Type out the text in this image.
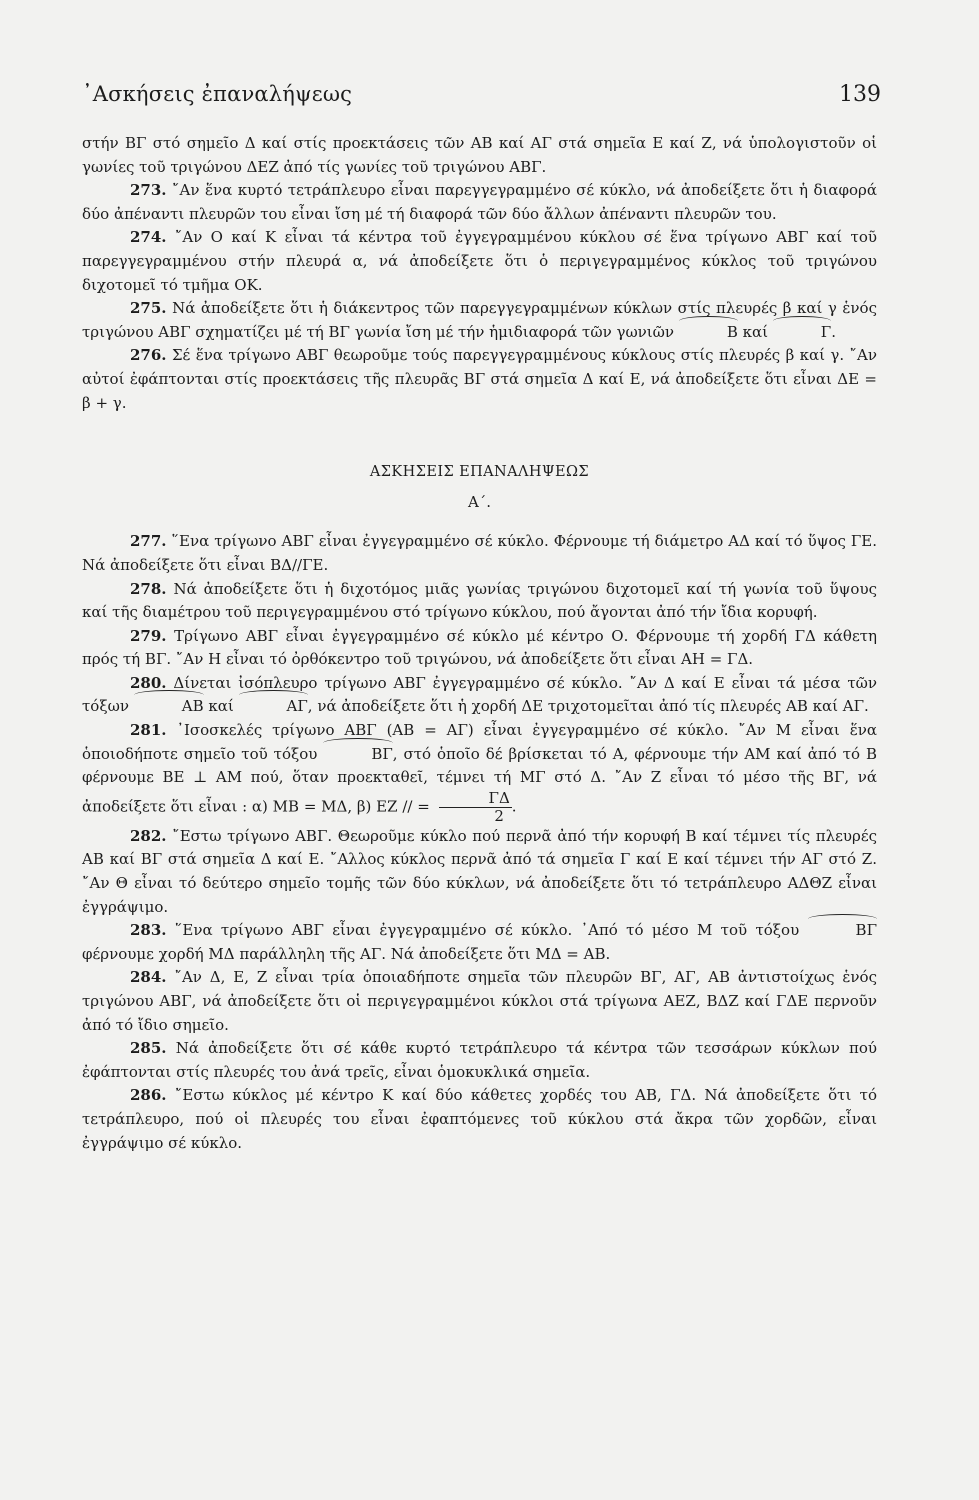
᾿Ασκήσεις ἐπαναλήψεως	139

στήν ΒΓ στό σημεῖο Δ καί στίς προεκτάσεις τῶν ΑΒ καί ΑΓ στά σημεῖα Ε καί Ζ, νά ὑπολογιστοῦν οἱ γωνίες τοῦ τριγώνου ΔΕΖ ἀπό τίς γωνίες τοῦ τριγώνου ΑΒΓ.

273. ῎Αν ἕνα κυρτό τετράπλευρο εἶναι παρεγγεγραμμένο σέ κύκλο, νά ἀποδείξετε ὅτι ἡ διαφορά δύο ἀπέναντι πλευρῶν του εἶναι ἴση μέ τή διαφορά τῶν δύο ἄλλων ἀπέναντι πλευρῶν του.

274. ῎Αν Ο καί Κ εἶναι τά κέντρα τοῦ ἐγγεγραμμένου κύκλου σέ ἕνα τρίγωνο ΑΒΓ καί τοῦ παρεγγεγραμμένου στήν πλευρά α, νά ἀποδείξετε ὅτι ὁ περιγεγραμμένος κύκλος τοῦ τριγώνου διχοτομεῖ τό τμῆμα ΟΚ.

275. Νά ἀποδείξετε ὅτι ἡ διάκεντρος τῶν παρεγγεγραμμένων κύκλων στίς πλευρές β καί γ ἑνός τριγώνου ΑΒΓ σχηματίζει μέ τή ΒΓ γωνία ἴση μέ τήν ἡμιδιαφορά τῶν γωνιῶν	Β καί	Γ.

276. Σέ ἕνα τρίγωνο ΑΒΓ θεωροῦμε τούς παρεγγεγραμμένους κύκλους στίς πλευρές β καί γ. ῎Αν αὐτοί ἐφάπτονται στίς προεκτάσεις τῆς πλευρᾶς ΒΓ στά σημεῖα Δ καί Ε, νά ἀποδείξετε ὅτι εἶναι ΔΕ = β + γ.

ΑΣΚΗΣΕΙΣ ΕΠΑΝΑΛΗΨΕΩΣ
Α΄.

277. ῞Ενα τρίγωνο ΑΒΓ εἶναι ἐγγεγραμμένο σέ κύκλο. Φέρνουμε τή διάμετρο ΑΔ καί τό ὕψος ΓΕ. Νά ἀποδείξετε ὅτι εἶναι ΒΔ//ΓΕ.

278. Νά ἀποδείξετε ὅτι ἡ διχοτόμος μιᾶς γωνίας τριγώνου διχοτομεῖ καί τή γωνία τοῦ ὕψους καί τῆς διαμέτρου τοῦ περιγεγραμμένου στό τρίγωνο κύκλου, πού ἄγονται ἀπό τήν ἴδια κορυφή.

279. Τρίγωνο ΑΒΓ εἶναι ἐγγεγραμμένο σέ κύκλο μέ κέντρο Ο. Φέρνουμε τή χορδή ΓΔ κάθετη πρός τή ΒΓ. ῎Αν Η εἶναι τό ὀρθόκεντρο τοῦ τριγώνου, νά ἀποδείξετε ὅτι εἶναι ΑΗ = ΓΔ.

280. Δίνεται ἰσόπλευρο τρίγωνο ΑΒΓ ἐγγεγραμμένο σέ κύκλο. ῎Αν Δ καί Ε εἶναι τά μέσα τῶν τόξων	ΑΒ καί	ΑΓ, νά ἀποδείξετε ὅτι ἡ χορδή ΔΕ τριχοτομεῖται ἀπό τίς πλευρές ΑΒ καί ΑΓ.

281. ᾿Ισοσκελές τρίγωνο ΑΒΓ (ΑΒ = ΑΓ) εἶναι ἐγγεγραμμένο σέ κύκλο. ῎Αν Μ εἶναι ἕνα ὁποιοδήποτε σημεῖο τοῦ τόξου	ΒΓ, στό ὁποῖο δέ βρίσκεται τό Α, φέρνουμε τήν ΑΜ καί ἀπό τό Β φέρνουμε ΒΕ ⊥ ΑΜ πού, ὅταν προεκταθεῖ, τέμνει τή ΜΓ στό Δ. ῎Αν Ζ εἶναι τό μέσο τῆς ΒΓ, νά ἀποδείξετε ὅτι εἶναι : α) ΜΒ = ΜΔ, β) ΕΖ // = $\frac{\Gamma\Delta}{2}$ .

282. ῎Εστω τρίγωνο ΑΒΓ. Θεωροῦμε κύκλο πού περνᾶ ἀπό τήν κορυφή Β καί τέμνει τίς πλευρές ΑΒ καί ΒΓ στά σημεῖα Δ καί Ε. ῎Αλλος κύκλος περνᾶ ἀπό τά σημεῖα Γ καί Ε καί τέμνει τήν ΑΓ στό Ζ. ῎Αν Θ εἶναι τό δεύτερο σημεῖο τομῆς τῶν δύο κύκλων, νά ἀποδείξετε ὅτι τό τετράπλευρο ΑΔΘΖ εἶναι ἐγγράψιμο.

283. ῞Ενα τρίγωνο ΑΒΓ εἶναι ἐγγεγραμμένο σέ κύκλο. ᾿Από τό μέσο Μ τοῦ τόξου	ΒΓ φέρνουμε χορδή ΜΔ παράλληλη τῆς ΑΓ. Νά ἀποδείξετε ὅτι ΜΔ = ΑΒ.

284. ῎Αν Δ, Ε, Ζ εἶναι τρία ὁποιαδήποτε σημεῖα τῶν πλευρῶν ΒΓ, ΑΓ, ΑΒ ἀντιστοίχως ἑνός τριγώνου ΑΒΓ, νά ἀποδείξετε ὅτι οἱ περιγεγραμμένοι κύκλοι στά τρίγωνα ΑΕΖ, ΒΔΖ καί ΓΔΕ περνοῦν ἀπό τό ἴδιο σημεῖο.

285. Νά ἀποδείξετε ὅτι σέ κάθε κυρτό τετράπλευρο τά κέντρα τῶν τεσσάρων κύκλων πού ἐφάπτονται στίς πλευρές του ἀνά τρεῖς, εἶναι ὁμοκυκλικά σημεῖα.

286. ῎Εστω κύκλος μέ κέντρο Κ καί δύο κάθετες χορδές του ΑΒ, ΓΔ. Νά ἀποδείξετε ὅτι τό τετράπλευρο, πού οἱ πλευρές του εἶναι ἐφαπτόμενες τοῦ κύκλου στά ἄκρα τῶν χορδῶν, εἶναι ἐγγράψιμο σέ κύκλο.
